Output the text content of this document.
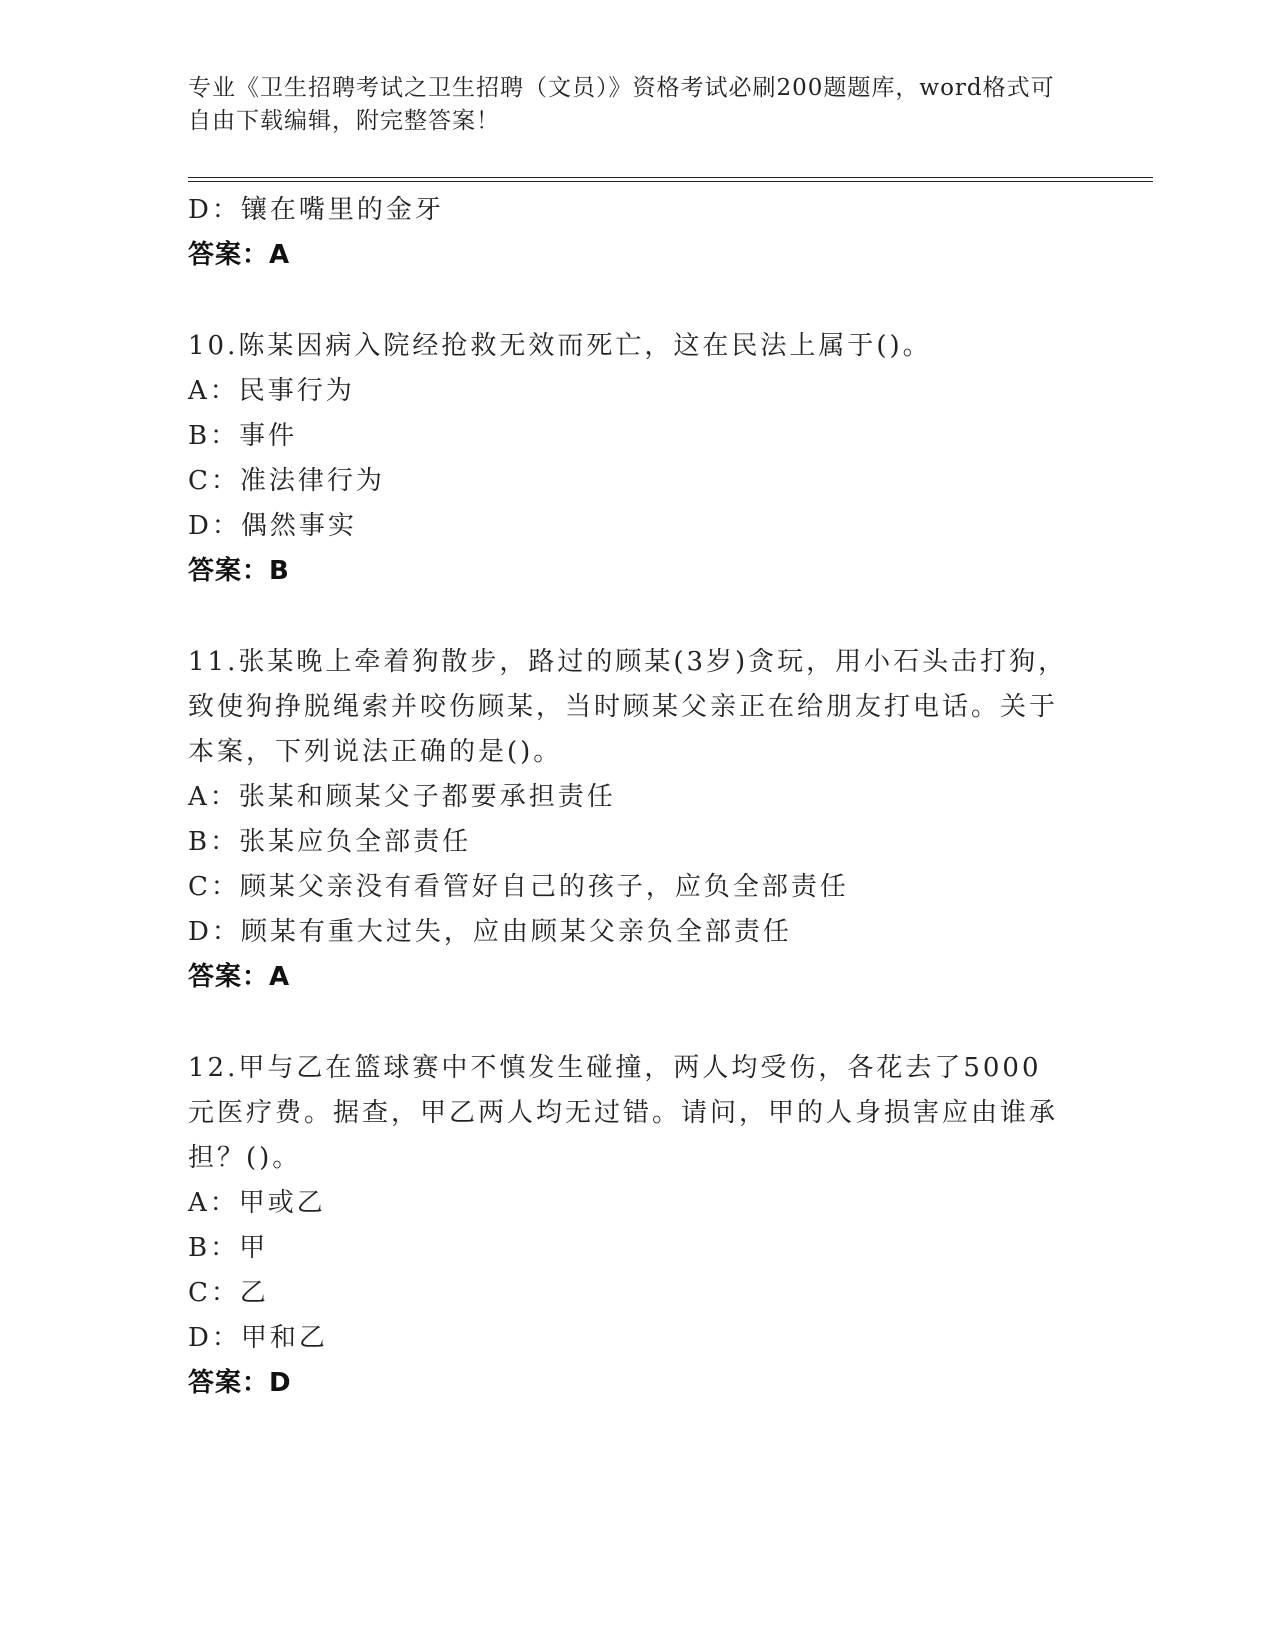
专业《卫生招聘考试之卫生招聘（文员）》资格考试必刷200题题库，word格式可自由下载编辑，附完整答案！
D：镶在嘴里的金牙
答案：A
10.陈某因病入院经抢救无效而死亡，这在民法上属于()。
A：民事行为
B：事件
C：准法律行为
D：偶然事实
答案：B
11.张某晚上牵着狗散步，路过的顾某(3岁)贪玩，用小石头击打狗，致使狗挣脱绳索并咬伤顾某，当时顾某父亲正在给朋友打电话。关于本案，下列说法正确的是()。
A：张某和顾某父子都要承担责任
B：张某应负全部责任
C：顾某父亲没有看管好自己的孩子，应负全部责任
D：顾某有重大过失，应由顾某父亲负全部责任
答案：A
12.甲与乙在篮球赛中不慎发生碰撞，两人均受伤，各花去了5000元医疗费。据查，甲乙两人均无过错。请问，甲的人身损害应由谁承担？()。
A：甲或乙
B：甲
C：乙
D：甲和乙
答案：D
